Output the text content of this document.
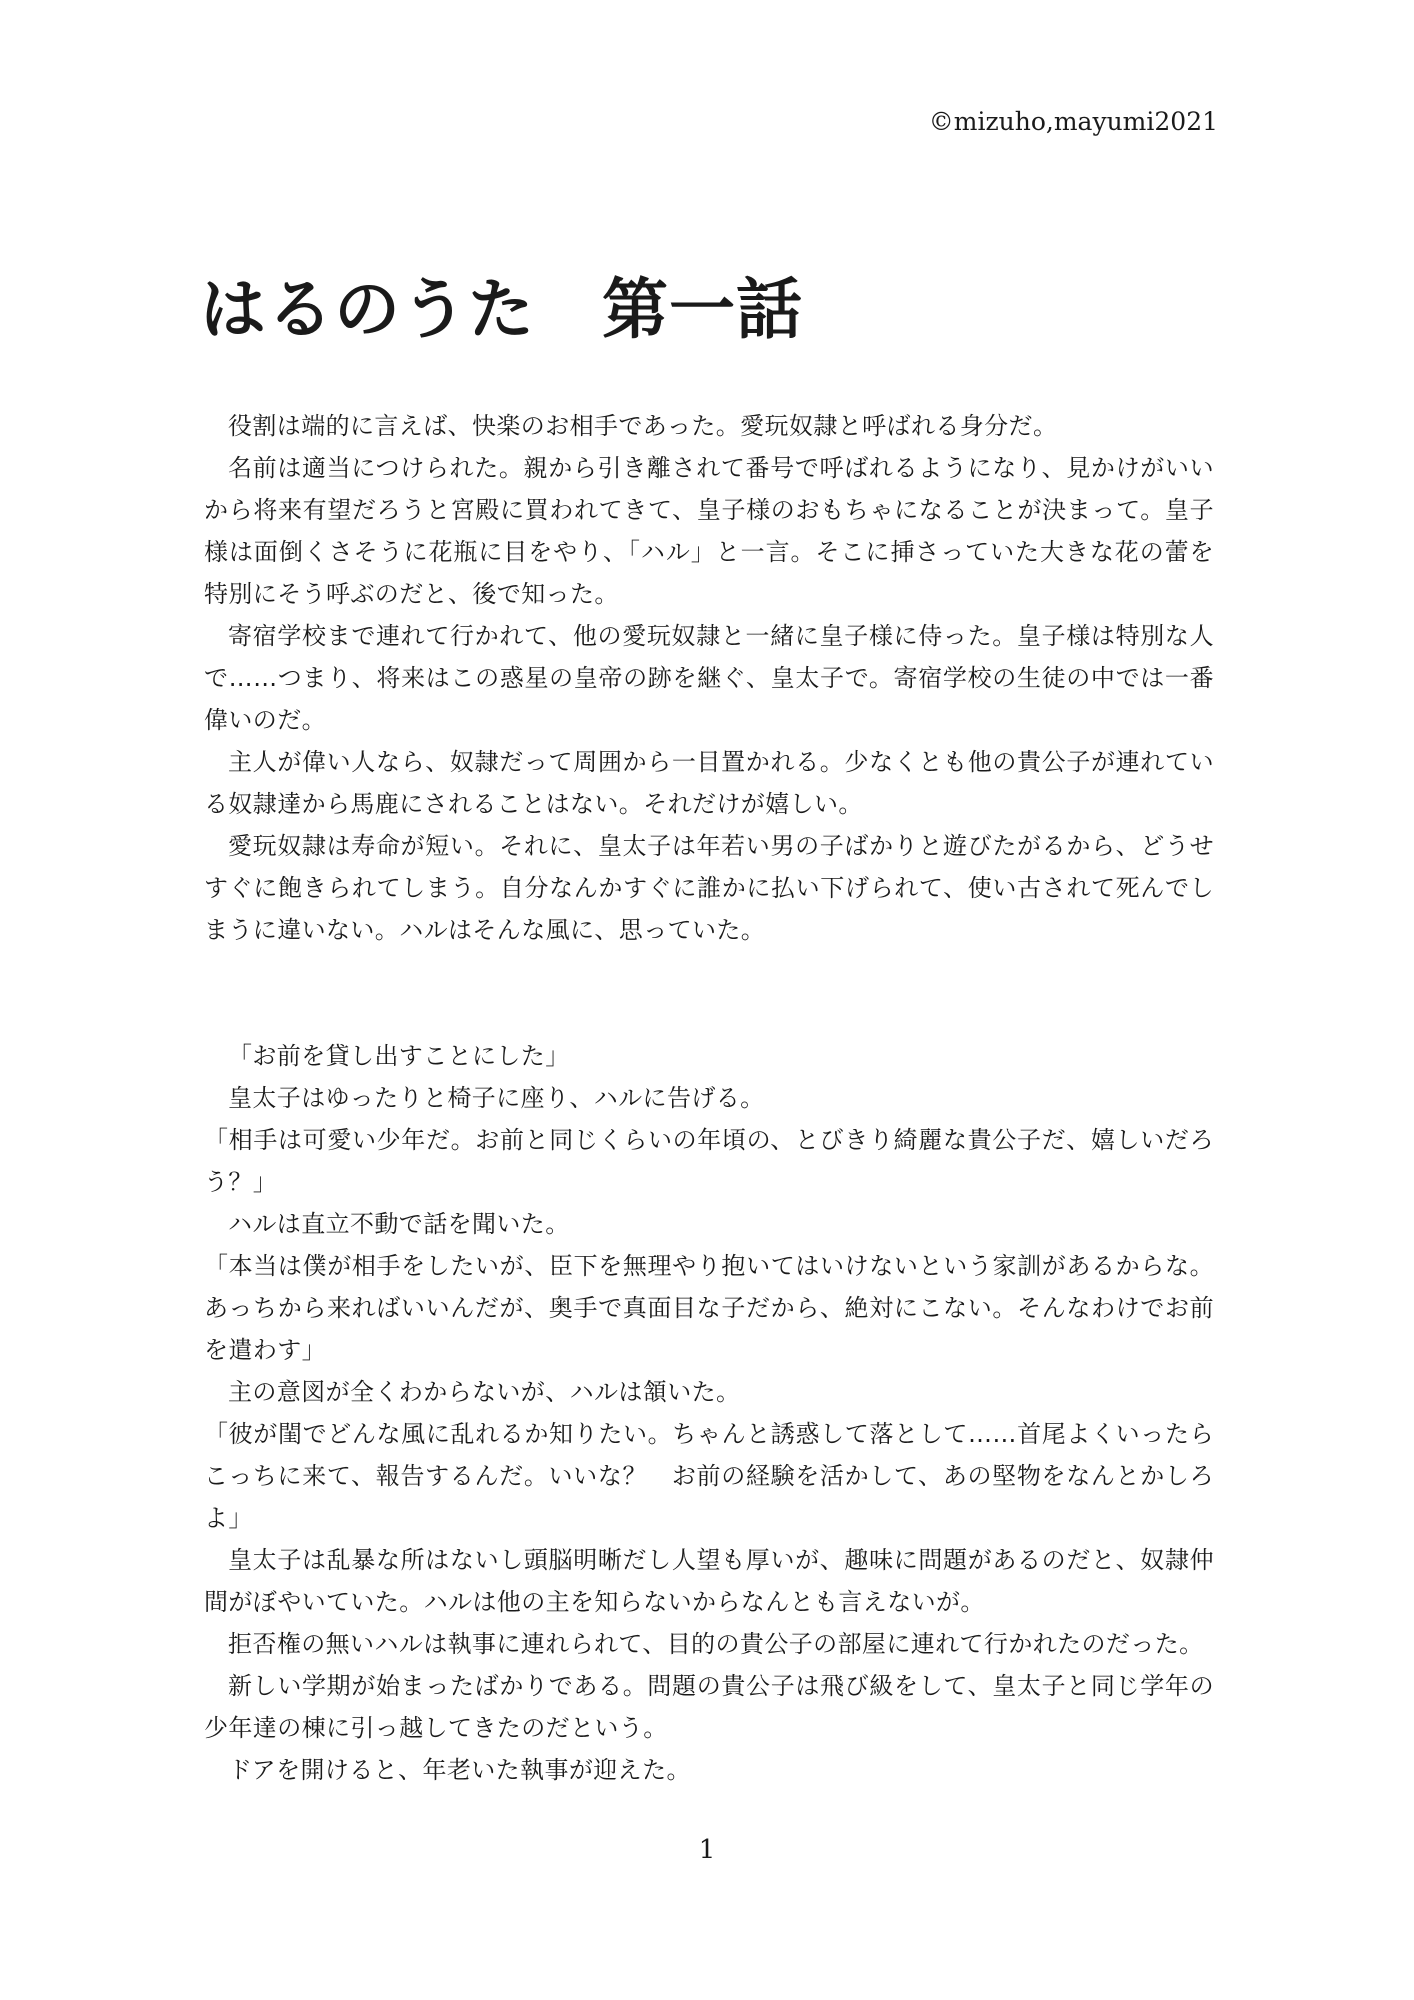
©mizuho,mayumi2021
はるのうた　第一話

役割は端的に言えば、快楽のお相手であった。愛玩奴隷と呼ばれる身分だ。

名前は適当につけられた。親から引き離されて番号で呼ばれるようになり、見かけがいいから将来有望だろうと宮殿に買われてきて、皇子様のおもちゃになることが決まって。皇子様は面倒くさそうに花瓶に目をやり、「ハル」と一言。そこに挿さっていた大きな花の蕾を特別にそう呼ぶのだと、後で知った。

寄宿学校まで連れて行かれて、他の愛玩奴隷と一緒に皇子様に侍った。皇子様は特別な人で……つまり、将来はこの惑星の皇帝の跡を継ぐ、皇太子で。寄宿学校の生徒の中では一番偉いのだ。

主人が偉い人なら、奴隷だって周囲から一目置かれる。少なくとも他の貴公子が連れている奴隷達から馬鹿にされることはない。それだけが嬉しい。

愛玩奴隷は寿命が短い。それに、皇太子は年若い男の子ばかりと遊びたがるから、どうせすぐに飽きられてしまう。自分なんかすぐに誰かに払い下げられて、使い古されて死んでしまうに違いない。ハルはそんな風に、思っていた。

「お前を貸し出すことにした」

皇太子はゆったりと椅子に座り、ハルに告げる。

「相手は可愛い少年だ。お前と同じくらいの年頃の、とびきり綺麗な貴公子だ、嬉しいだろう？」

ハルは直立不動で話を聞いた。

「本当は僕が相手をしたいが、臣下を無理やり抱いてはいけないという家訓があるからな。あっちから来ればいいんだが、奥手で真面目な子だから、絶対にこない。そんなわけでお前を遣わす」

主の意図が全くわからないが、ハルは頷いた。

「彼が閨でどんな風に乱れるか知りたい。ちゃんと誘惑して落として……首尾よくいったらこっちに来て、報告するんだ。いいな？　お前の経験を活かして、あの堅物をなんとかしろよ」

皇太子は乱暴な所はないし頭脳明晰だし人望も厚いが、趣味に問題があるのだと、奴隷仲間がぼやいていた。ハルは他の主を知らないからなんとも言えないが。

拒否権の無いハルは執事に連れられて、目的の貴公子の部屋に連れて行かれたのだった。

新しい学期が始まったばかりである。問題の貴公子は飛び級をして、皇太子と同じ学年の少年達の棟に引っ越してきたのだという。

ドアを開けると、年老いた執事が迎えた。

1
